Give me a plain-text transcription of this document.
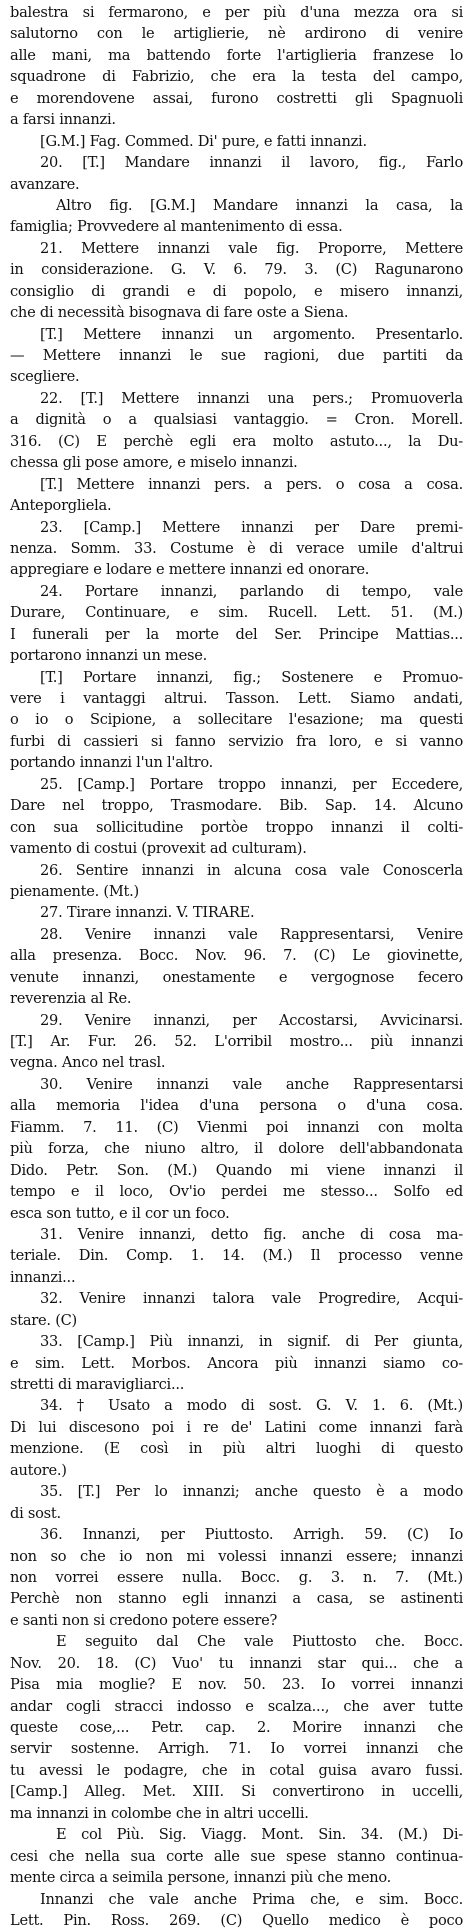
balestra si fermarono, e per più d'una mezza ora si
salutorno con le artiglierie, nè ardirono di venire
alle mani, ma battendo forte l'artiglieria franzese lo
squadrone di Fabrizio, che era la testa del campo,
e morendovene assai, furono costretti gli Spagnuoli
a farsi innanzi.
[G.M.] Fag. Commed. Di' pure, e fatti innanzi.
20. [T.] Mandare innanzi il lavoro, fig., Farlo
avanzare.
Altro fig. [G.M.] Mandare innanzi la casa, la
famiglia; Provvedere al mantenimento di essa.
21. Mettere innanzi vale fig. Proporre, Mettere
in considerazione. G. V. 6. 79. 3. (C) Ragunarono
consiglio di grandi e di popolo, e misero innanzi,
che di necessità bisognava di fare oste a Siena.
[T.] Mettere innanzi un argomento. Presentarlo.
— Mettere innanzi le sue ragioni, due partiti da
scegliere.
22. [T.] Mettere innanzi una pers.; Promuoverla
a dignità o a qualsiasi vantaggio. = Cron. Morell.
316. (C) E perchè egli era molto astuto..., la Du-
chessa gli pose amore, e miselo innanzi.
[T.] Mettere innanzi pers. a pers. o cosa a cosa.
Anteporgliela.
23. [Camp.] Mettere innanzi per Dare premi-
nenza. Somm. 33. Costume è di verace umile d'altrui
appregiare e lodare e mettere innanzi ed onorare.
24. Portare innanzi, parlando di tempo, vale
Durare, Continuare, e sim. Rucell. Lett. 51. (M.)
I funerali per la morte del Ser. Principe Mattias...
portarono innanzi un mese.
[T.] Portare innanzi, fig.; Sostenere e Promuo-
vere i vantaggi altrui. Tasson. Lett. Siamo andati,
o io o Scipione, a sollecitare l'esazione; ma questi
furbi di cassieri si fanno servizio fra loro, e si vanno
portando innanzi l'un l'altro.
25. [Camp.] Portare troppo innanzi, per Eccedere,
Dare nel troppo, Trasmodare. Bib. Sap. 14. Alcuno
con sua sollicitudine portòe troppo innanzi il colti-
vamento di costui (provexit ad culturam).
26. Sentire innanzi in alcuna cosa vale Conoscerla
pienamente. (Mt.)
27. Tirare innanzi. V. TIRARE.
28. Venire innanzi vale Rappresentarsi, Venire
alla presenza. Bocc. Nov. 96. 7. (C) Le giovinette,
venute innanzi, onestamente e vergognose fecero
reverenzia al Re.
29. Venire innanzi, per Accostarsi, Avvicinarsi.
[T.] Ar. Fur. 26. 52. L'orribil mostro... più innanzi
vegna. Anco nel trasl.
30. Venire innanzi vale anche Rappresentarsi
alla memoria l'idea d'una persona o d'una cosa.
Fiamm. 7. 11. (C) Vienmi poi innanzi con molta
più forza, che niuno altro, il dolore dell'abbandonata
Dido. Petr. Son. (M.) Quando mi viene innanzi il
tempo e il loco, Ov'io perdei me stesso... Solfo ed
esca son tutto, e il cor un foco.
31. Venire innanzi, detto fig. anche di cosa ma-
teriale. Din. Comp. 1. 14. (M.) Il processo venne
innanzi...
32. Venire innanzi talora vale Progredire, Acqui-
stare. (C)
33. [Camp.] Più innanzi, in signif. di Per giunta,
e sim. Lett. Morbos. Ancora più innanzi siamo co-
stretti di maravigliarci...
34. † Usato a modo di sost. G. V. 1. 6. (Mt.)
Di lui discesono poi i re de' Latini come innanzi farà
menzione. (E così in più altri luoghi di questo
autore.)
35. [T.] Per lo innanzi; anche questo è a modo
di sost.
36. Innanzi, per Piuttosto. Arrigh. 59. (C) Io
non so che io non mi volessi innanzi essere; innanzi
non vorrei essere nulla. Bocc. g. 3. n. 7. (Mt.)
Perchè non stanno egli innanzi a casa, se astinenti
e santi non si credono potere essere?
E seguito dal Che vale Piuttosto che. Bocc.
Nov. 20. 18. (C) Vuo' tu innanzi star qui... che a
Pisa mia moglie? E nov. 50. 23. Io vorrei innanzi
andar cogli stracci indosso e scalza..., che aver tutte
queste cose,... Petr. cap. 2. Morire innanzi che
servir sostenne. Arrigh. 71. Io vorrei innanzi che
tu avessi le podagre, che in cotal guisa avaro fussi.
[Camp.] Alleg. Met. XIII. Si convertirono in uccelli,
ma innanzi in colombe che in altri uccelli.
E col Più. Sig. Viagg. Mont. Sin. 34. (M.) Di-
cesi che nella sua corte alle sue spese stanno continua-
mente circa a seimila persone, innanzi più che meno.
Innanzi che vale anche Prima che, e sim. Bocc.
Lett. Pin. Ross. 269. (C) Quello medico è poco
